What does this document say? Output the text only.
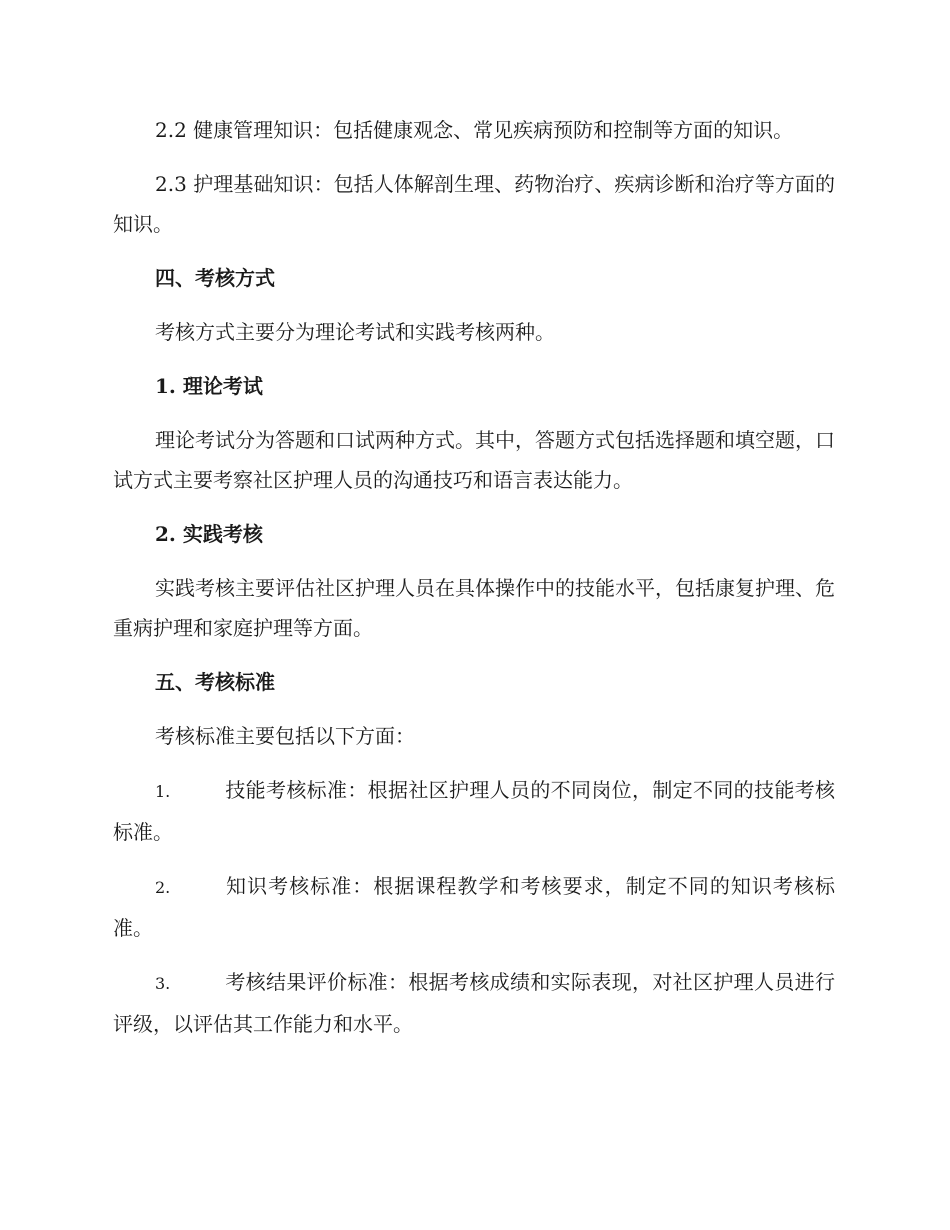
2.2 健康管理知识：包括健康观念、常见疾病预防和控制等方面的知识。

2.3 护理基础知识：包括人体解剖生理、药物治疗、疾病诊断和治疗等方面的知识。

四、考核方式

考核方式主要分为理论考试和实践考核两种。

1. 理论考试

理论考试分为答题和口试两种方式。其中，答题方式包括选择题和填空题，口试方式主要考察社区护理人员的沟通技巧和语言表达能力。

2. 实践考核

实践考核主要评估社区护理人员在具体操作中的技能水平，包括康复护理、危重病护理和家庭护理等方面。

五、考核标准

考核标准主要包括以下方面：

1.	技能考核标准：根据社区护理人员的不同岗位，制定不同的技能考核标准。

2.	知识考核标准：根据课程教学和考核要求，制定不同的知识考核标准。

3.	考核结果评价标准：根据考核成绩和实际表现，对社区护理人员进行评级，以评估其工作能力和水平。
